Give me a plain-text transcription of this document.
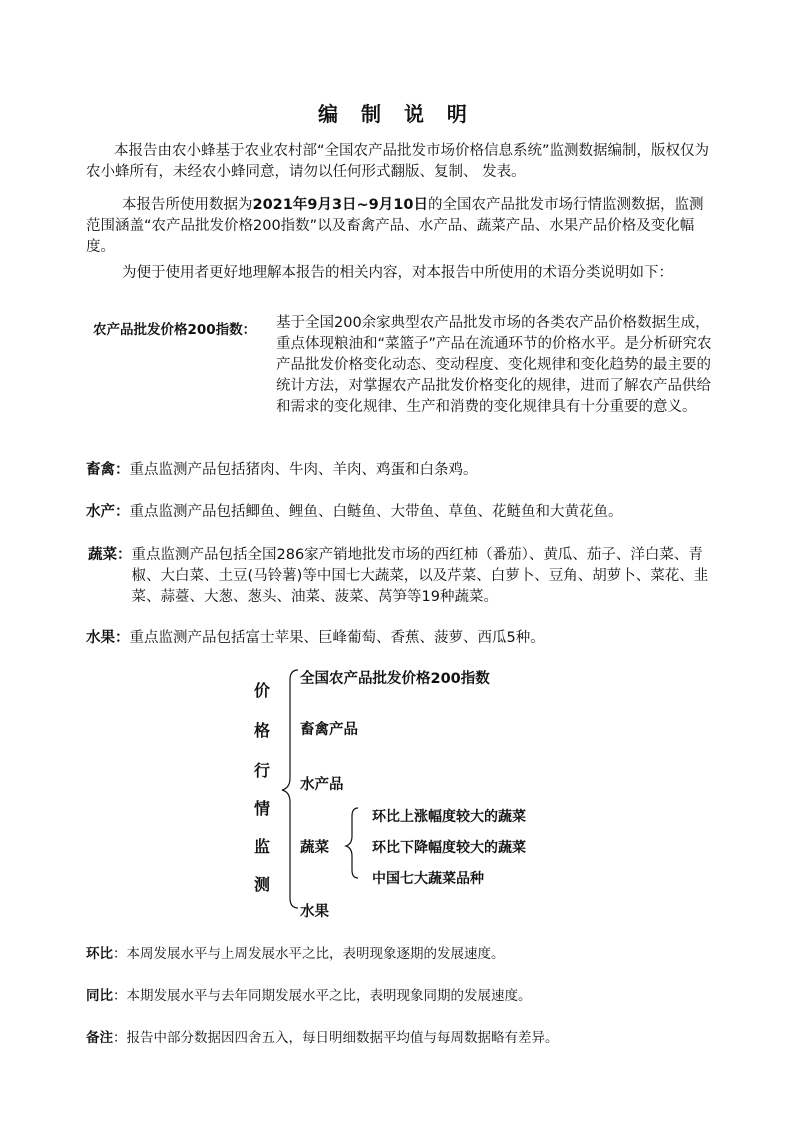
编 制 说 明
本报告由农小蜂基于农业农村部“全国农产品批发市场价格信息系统”监测数据编制，版权仅为农小蜂所有，未经农小蜂同意，请勿以任何形式翻版、复制、 发表。
本报告所使用数据为2021年9月3日~9月10日的全国农产品批发市场行情监测数据，监测范围涵盖“农产品批发价格200指数”以及畜禽产品、水产品、蔬菜产品、水果产品价格及变化幅度。
为便于使用者更好地理解本报告的相关内容，对本报告中所使用的术语分类说明如下：
农产品批发价格200指数： 基于全国200余家典型农产品批发市场的各类农产品价格数据生成，重点体现粮油和“菜篮子”产品在流通环节的价格水平。是分析研究农产品批发价格变化动态、变动程度、变化规律和变化趋势的最主要的统计方法，对掌握农产品批发价格变化的规律，进而了解农产品供给和需求的变化规律、生产和消费的变化规律具有十分重要的意义。
畜禽： 重点监测产品包括猪肉、牛肉、羊肉、鸡蛋和白条鸡。
水产： 重点监测产品包括鲫鱼、鲤鱼、白鲢鱼、大带鱼、草鱼、花鲢鱼和大黄花鱼。
蔬菜： 重点监测产品包括全国286家产销地批发市场的西红柿（番茄）、黄瓜、茄子、洋白菜、青椒、大白菜、土豆(马铃薯)等中国七大蔬菜，以及芹菜、白萝卜、豆角、胡萝卜、菜花、韭菜、蒜薹、大葱、葱头、油菜、菠菜、莴笋等19种蔬菜。
水果： 重点监测产品包括富士苹果、巨峰葡萄、香蕉、菠萝、西瓜5种。
价
格
行
情
监
测
全国农产品批发价格200指数
畜禽产品
水产品
蔬菜
水果
环比上涨幅度较大的蔬菜
环比下降幅度较大的蔬菜
中国七大蔬菜品种
环比：本周发展水平与上周发展水平之比，表明现象逐期的发展速度。
同比：本期发展水平与去年同期发展水平之比，表明现象同期的发展速度。
备注：报告中部分数据因四舍五入，每日明细数据平均值与每周数据略有差异。
